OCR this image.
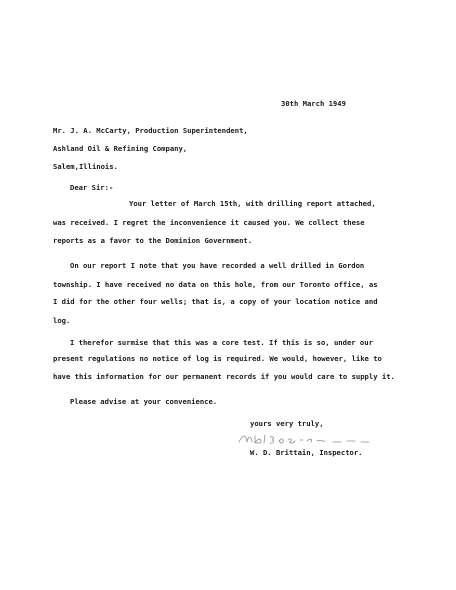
30th March 1949
Mr. J. A. McCarty, Production Superintendent,
Ashland Oil & Refining Company,
Salem,Illinois.
Dear Sir:-
Your letter of March 15th, with drilling report attached,
was received. I regret the inconvenience it caused you. We collect these
reports as a favor to the Dominion Government.
On our report I note that you have recorded a well drilled in Gordon
township. I have received no data on this hole, from our Toronto office, as
I did for the other four wells; that is, a copy of your location notice and
log.
I therefor surmise that this was a core test. If this is so, under our
present regulations no notice of log is required. We would, however, like to
have this information for our permanent records if you would care to supply it.
Please advise at your convenience.
yours very truly,
W. D. Brittain, Inspector.
